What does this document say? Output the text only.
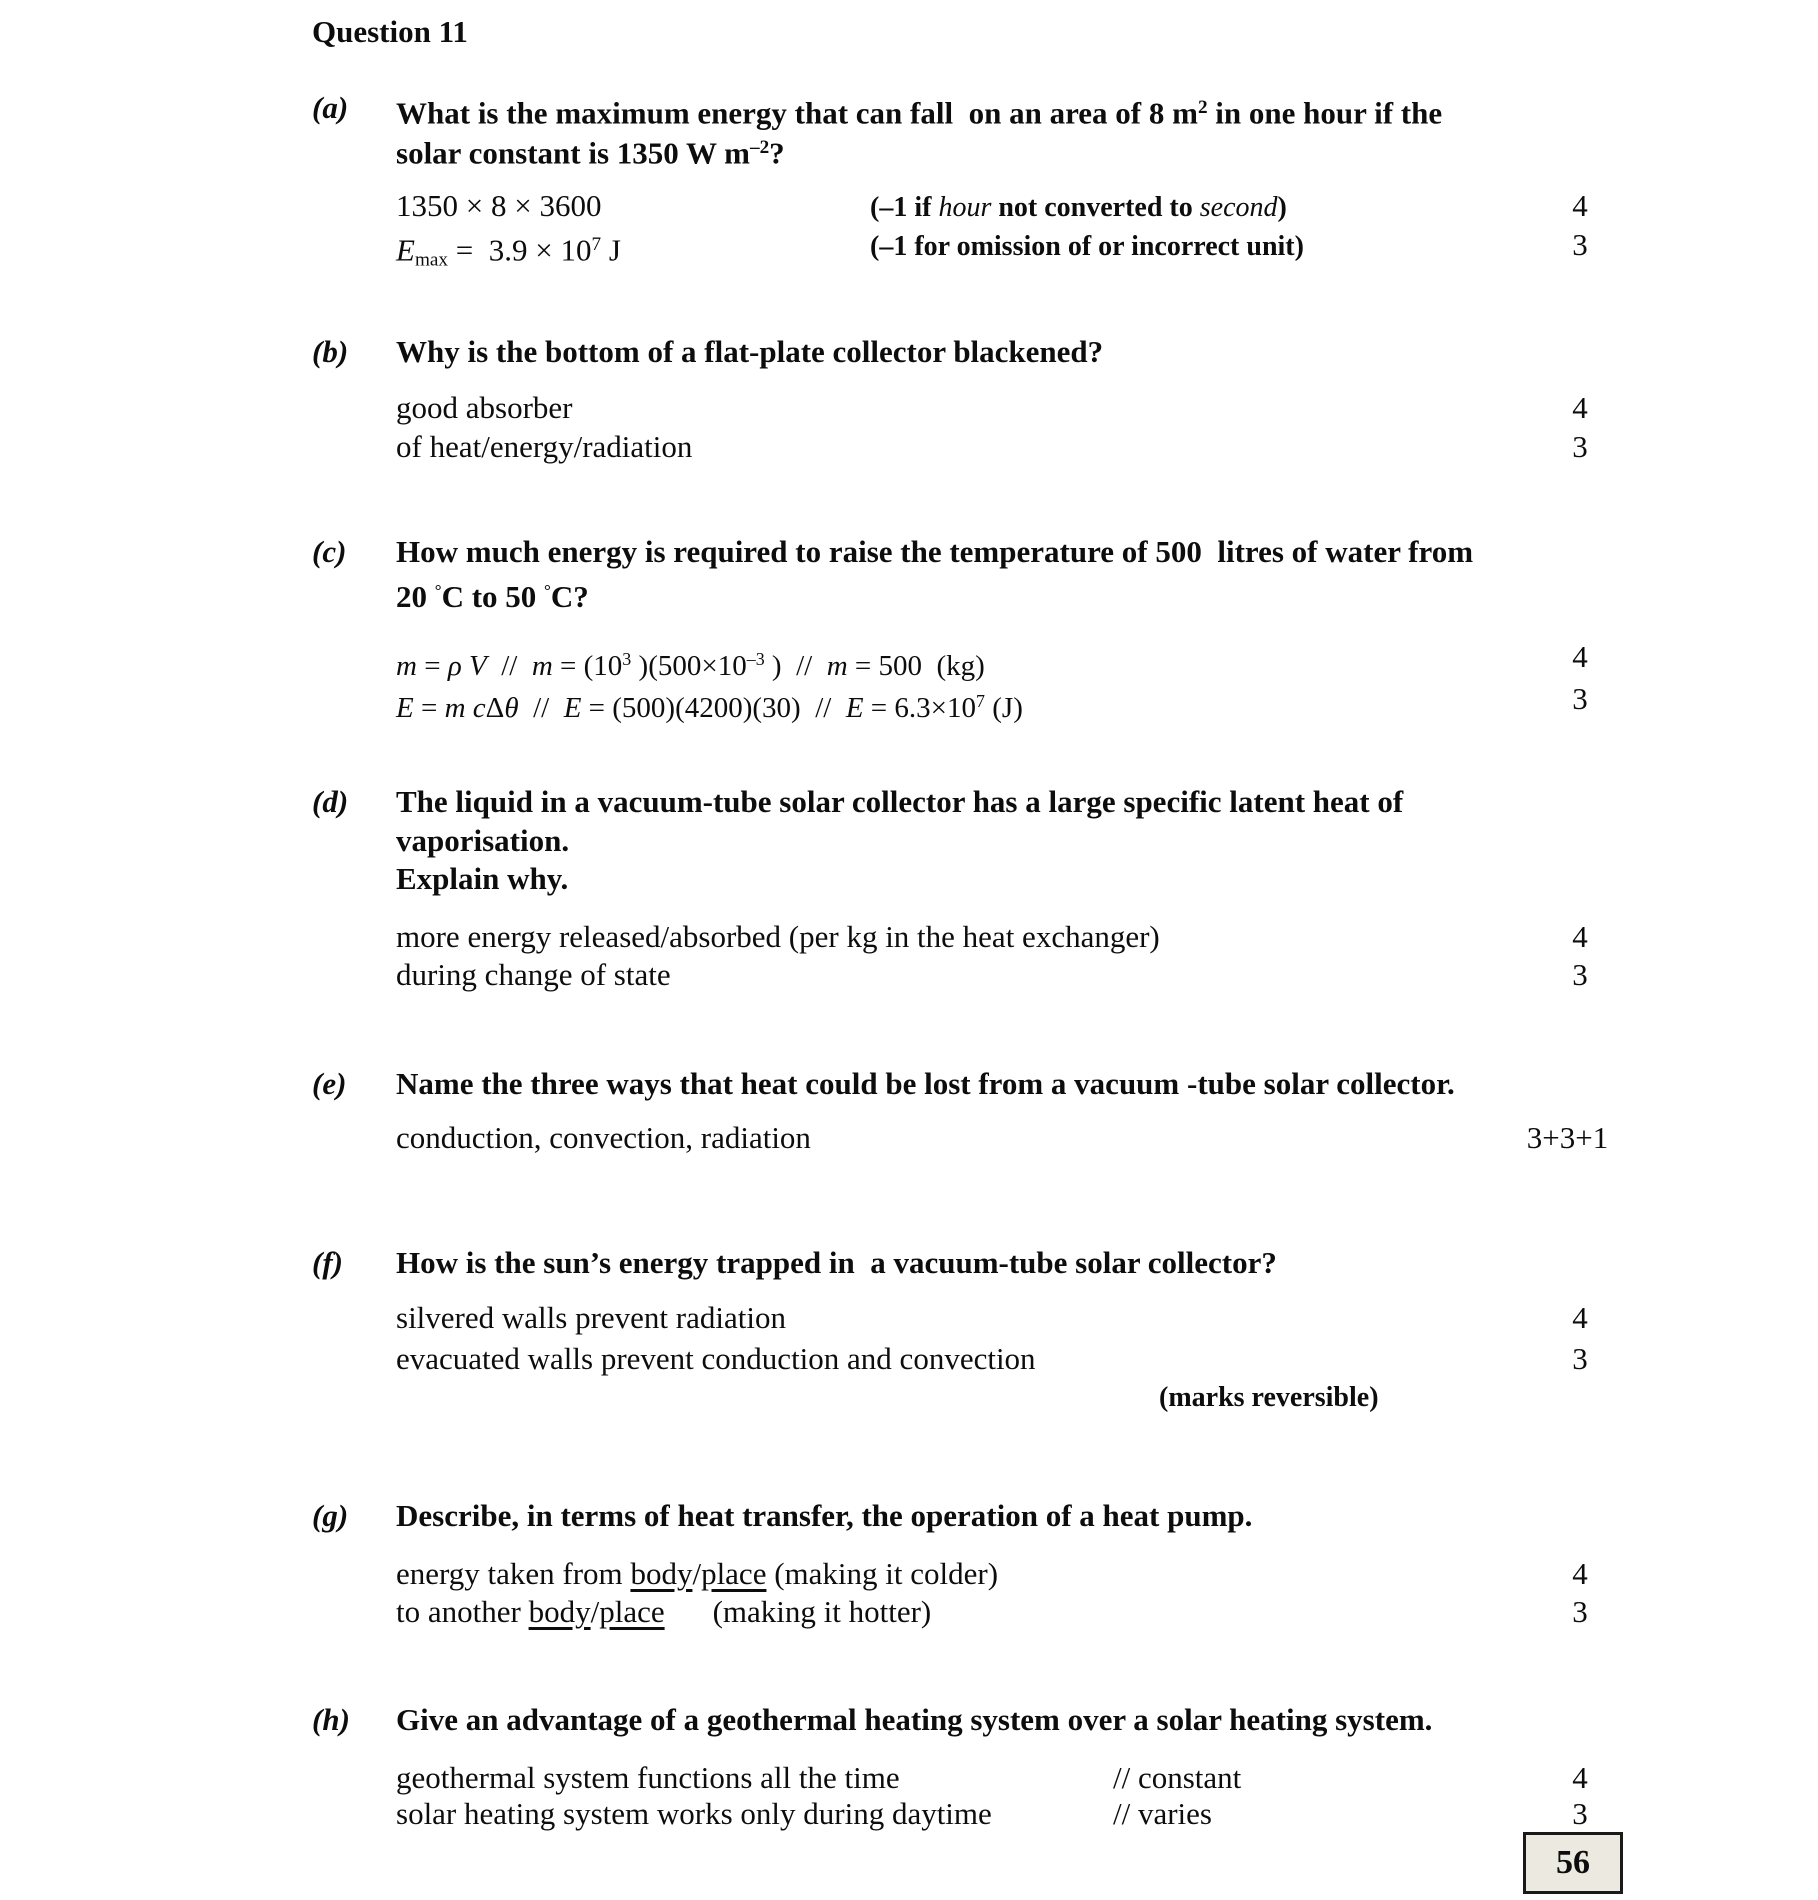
Question 11
(a) What is the maximum energy that can fall  on an area of 8 $m^2$ in one hour if the
solar constant is 1350 W $m^{-2}$?
1350 × 8 × 3600	(–1 if hour not converted to second)	4
$E_{max} = 3.9 \times 10^7$ J	(–1 for omission of or incorrect unit)	3
(b) Why is the bottom of a flat-plate collector blackened?
good absorber	4
of heat/energy/radiation	3
(c) How much energy is required to raise the temperature of 500  litres of water from
20 °C to 50 °C?
m = ρ $V // m = (10^3$ )($500\times 10^{-3}$ )  //  m = 500  (kg)	4
E = m $c\Delta\theta // E = (500)(4200)(30) // E = 6.3\times 10^7$ (J)	3
(d) The liquid in a vacuum-tube solar collector has a large specific latent heat of
vaporisation.
Explain why.
more energy released/absorbed (per kg in the heat exchanger)	4
during change of state	3
(e) Name the three ways that heat could be lost from a vacuum -tube solar collector.
conduction, convection, radiation	3+3+1
(f) How is the sun’s energy trapped in  a vacuum-tube solar collector?
silvered walls prevent radiation	4
evacuated walls prevent conduction and convection	3
(marks reversible)
(g) Describe, in terms of heat transfer, the operation of a heat pump.
energy taken from body/place (making it colder)	4
to another body/place (making it hotter)	3
(h) Give an advantage of a geothermal heating system over a solar heating system.
geothermal system functions all the time	// constant	4
solar heating system works only during daytime	// varies	3
56
